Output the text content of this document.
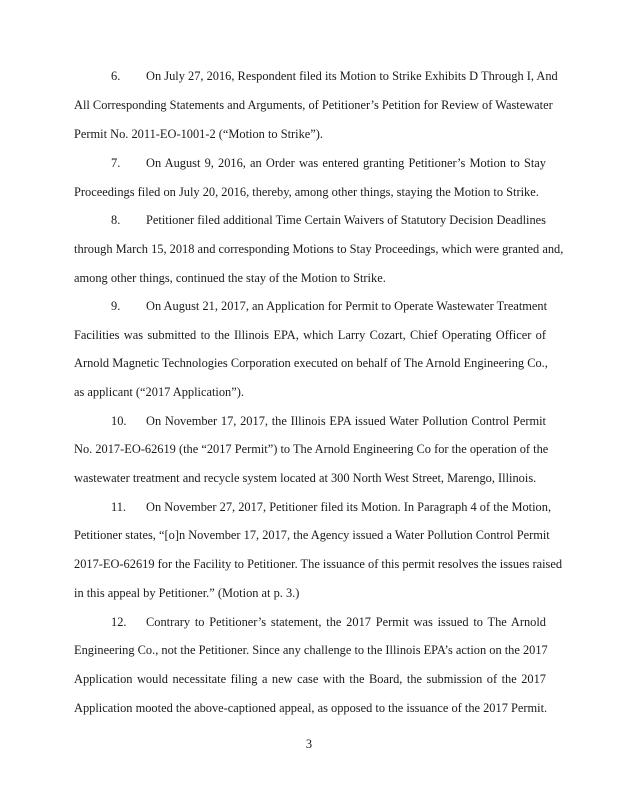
6. On July 27, 2016, Respondent filed its Motion to Strike Exhibits D Through I, And
All Corresponding Statements and Arguments, of Petitioner’s Petition for Review of Wastewater
Permit No. 2011-EO-1001-2 (“Motion to Strike”).
7. On August 9, 2016, an Order was entered granting Petitioner’s Motion to Stay
Proceedings filed on July 20, 2016, thereby, among other things, staying the Motion to Strike.
8. Petitioner filed additional Time Certain Waivers of Statutory Decision Deadlines
through March 15, 2018 and corresponding Motions to Stay Proceedings, which were granted and,
among other things, continued the stay of the Motion to Strike.
9. On August 21, 2017, an Application for Permit to Operate Wastewater Treatment
Facilities was submitted to the Illinois EPA, which Larry Cozart, Chief Operating Officer of
Arnold Magnetic Technologies Corporation executed on behalf of The Arnold Engineering Co.,
as applicant (“2017 Application”).
10. On November 17, 2017, the Illinois EPA issued Water Pollution Control Permit
No. 2017-EO-62619 (the “2017 Permit”) to The Arnold Engineering Co for the operation of the
wastewater treatment and recycle system located at 300 North West Street, Marengo, Illinois.
11. On November 27, 2017, Petitioner filed its Motion. In Paragraph 4 of the Motion,
Petitioner states, “[o]n November 17, 2017, the Agency issued a Water Pollution Control Permit
2017-EO-62619 for the Facility to Petitioner. The issuance of this permit resolves the issues raised
in this appeal by Petitioner.” (Motion at p. 3.)
12. Contrary to Petitioner’s statement, the 2017 Permit was issued to The Arnold
Engineering Co., not the Petitioner. Since any challenge to the Illinois EPA’s action on the 2017
Application would necessitate filing a new case with the Board, the submission of the 2017
Application mooted the above-captioned appeal, as opposed to the issuance of the 2017 Permit.
3
